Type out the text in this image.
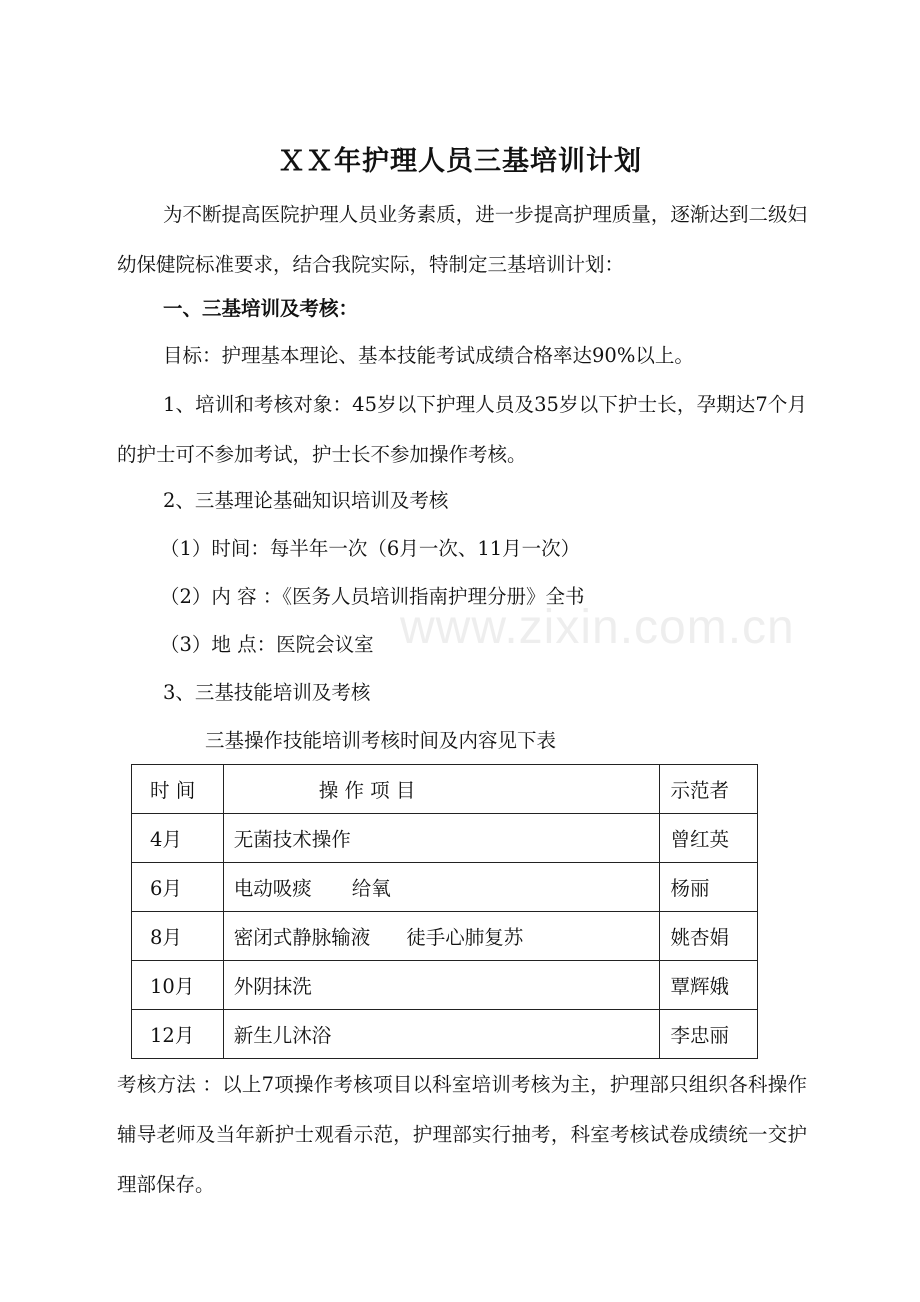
ＸＸ年护理人员三基培训计划
为不断提高医院护理人员业务素质，进一步提高护理质量，逐渐达到二级妇幼保健院标准要求，结合我院实际，特制定三基培训计划：
一、三基培训及考核：
目标：护理基本理论、基本技能考试成绩合格率达90%以上。
1、培训和考核对象：45岁以下护理人员及35岁以下护士长，孕期达7个月的护士可不参加考试，护士长不参加操作考核。
2、三基理论基础知识培训及考核
（1）时间：每半年一次（6月一次、11月一次）
（2）内 容 ：《医务人员培训指南护理分册》全书
（3）地 点：医院会议室
3、三基技能培训及考核
三基操作技能培训考核时间及内容见下表
时 间	操 作 项 目	示范者
4月	无菌技术操作	曾红英
6月	电动吸痰 给氧	杨丽
8月	密闭式静脉输液 徒手心肺复苏	姚杏娟
10月	外阴抹洗	覃辉娥
12月	新生儿沐浴	李忠丽
考核方法 ：以上7项操作考核项目以科室培训考核为主，护理部只组织各科操作辅导老师及当年新护士观看示范，护理部实行抽考，科室考核试卷成绩统一交护理部保存。
www.zixin.com.cn
